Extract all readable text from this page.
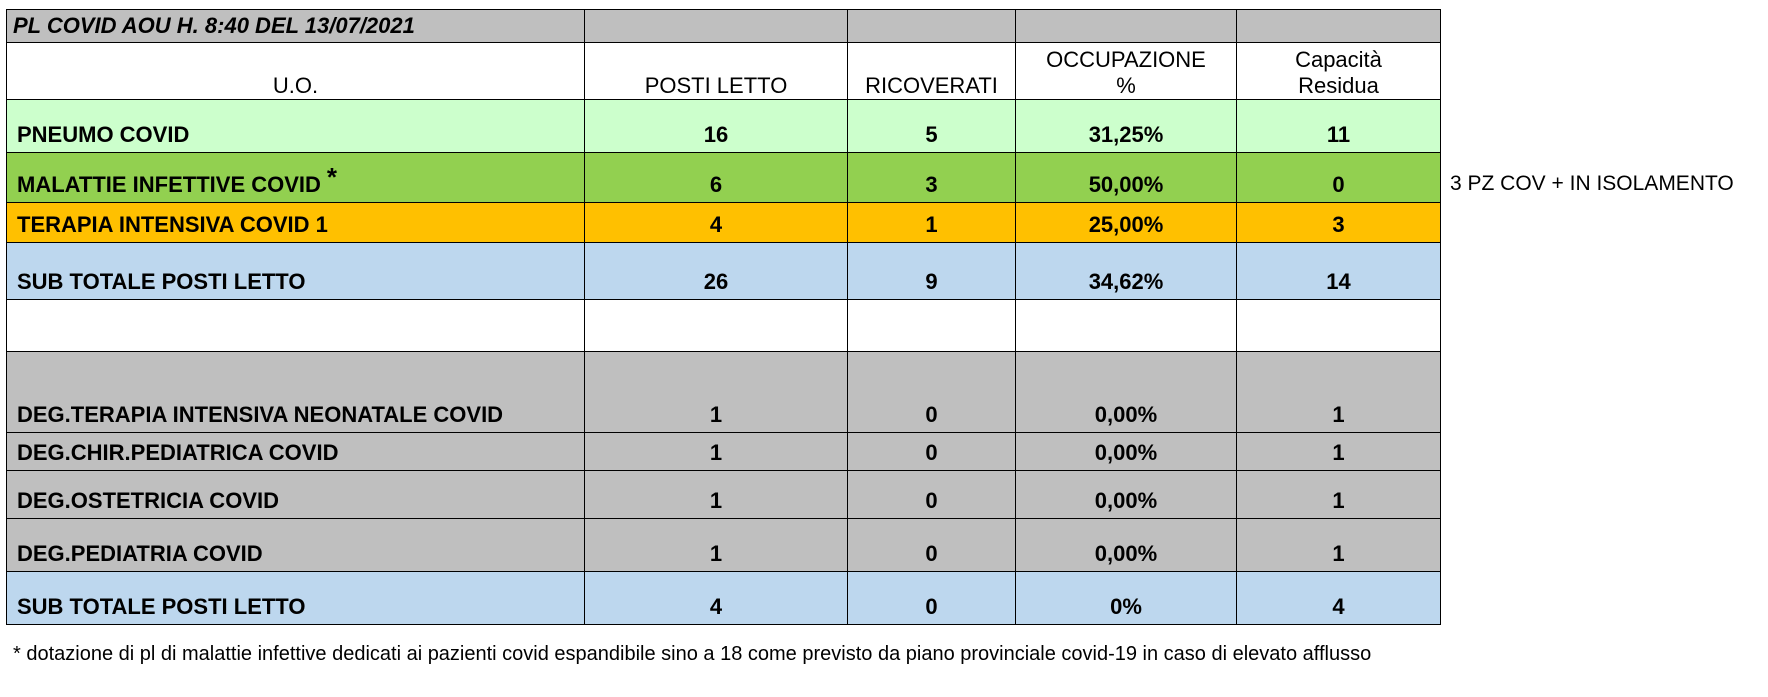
PL COVID AOU H. 8:40 DEL 13/07/2021				
U.O.	POSTI LETTO	RICOVERATI	OCCUPAZIONE %	Capacità Residua
PNEUMO COVID	16	5	31,25%	11
MALATTIE INFETTIVE COVID *	6	3	50,00%	0
TERAPIA INTENSIVA COVID 1	4	1	25,00%	3
SUB TOTALE POSTI LETTO	26	9	34,62%	14

DEG.TERAPIA INTENSIVA NEONATALE COVID	1	0	0,00%	1
DEG.CHIR.PEDIATRICA COVID	1	0	0,00%	1
DEG.OSTETRICIA COVID	1	0	0,00%	1
DEG.PEDIATRIA COVID	1	0	0,00%	1
SUB TOTALE POSTI LETTO	4	0	0%	4
3 PZ COV + IN ISOLAMENTO
* dotazione di pl di malattie infettive dedicati ai pazienti covid espandibile sino a 18 come previsto da piano provinciale covid-19 in caso di elevato afflusso
